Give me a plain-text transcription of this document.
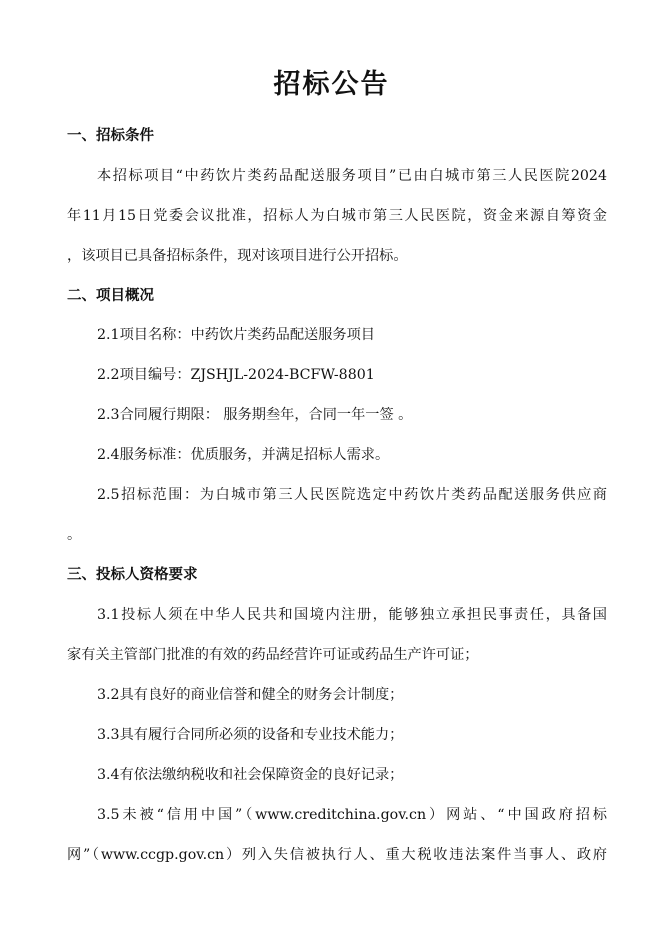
招标公告
一、招标条件
本招标项目“中药饮片类药品配送服务项目”已由白城市第三人民医院2024
年11月15日党委会议批准，招标人为白城市第三人民医院，资金来源自筹资金
，该项目已具备招标条件，现对该项目进行公开招标。
二、项目概况
2.1项目名称：中药饮片类药品配送服务项目
2.2项目编号：ZJSHJL-2024-BCFW-8801
2.3合同履行期限： 服务期叁年，合同一年一签 。
2.4服务标准：优质服务，并满足招标人需求。
2.5招标范围：为白城市第三人民医院选定中药饮片类药品配送服务供应商
。
三、投标人资格要求
3.1投标人须在中华人民共和国境内注册，能够独立承担民事责任，具备国
家有关主管部门批准的有效的药品经营许可证或药品生产许可证；
3.2具有良好的商业信誉和健全的财务会计制度；
3.3具有履行合同所必须的设备和专业技术能力；
3.4有依法缴纳税收和社会保障资金的良好记录；
3.5未被“信用中国”（www.creditchina.gov.cn）网站、“中国政府招标
网”（www.ccgp.gov.cn）列入失信被执行人、重大税收违法案件当事人、政府
